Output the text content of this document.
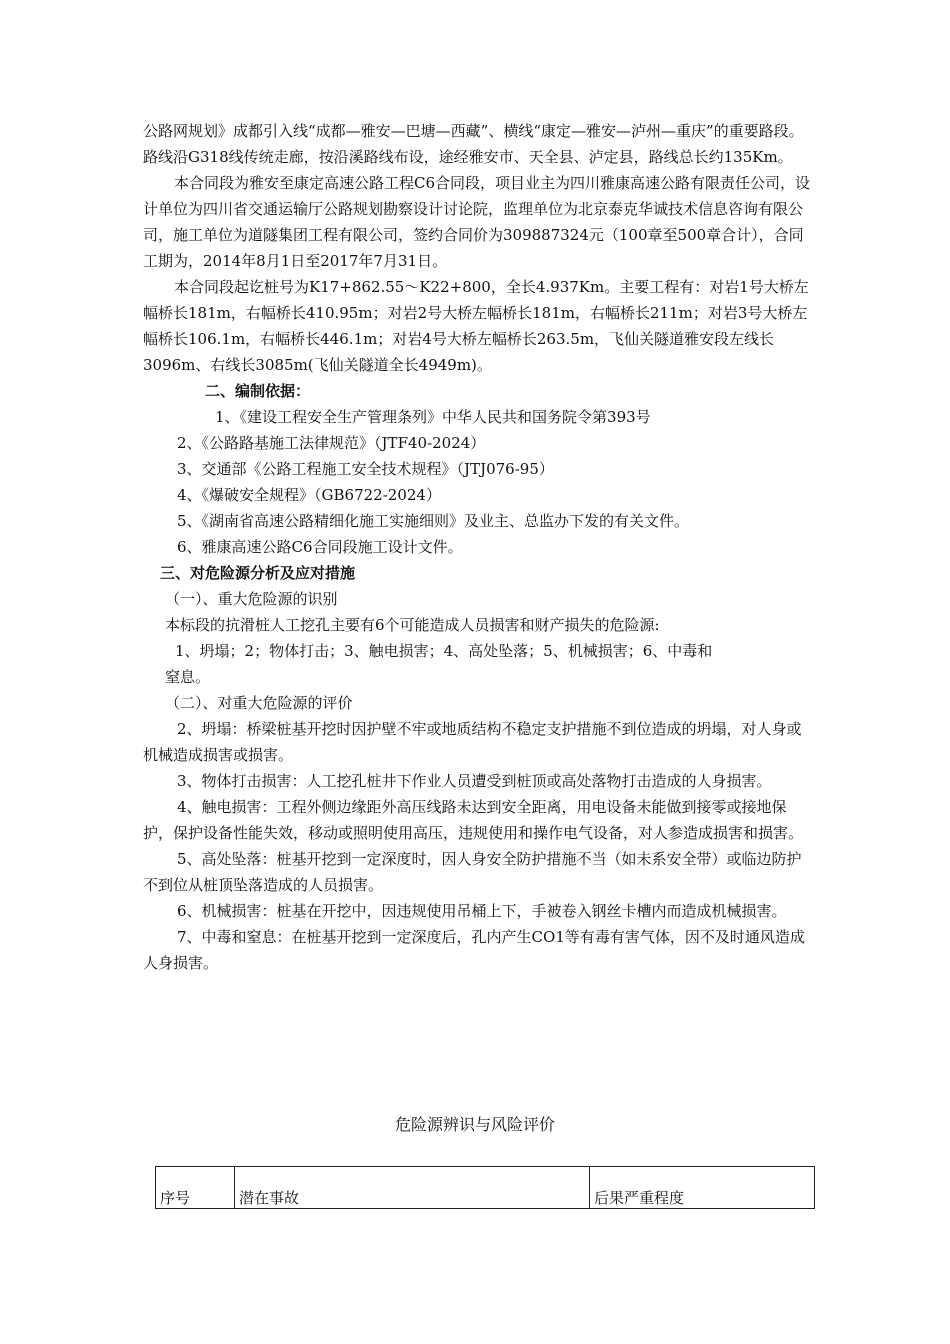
公路网规划》成都引入线“成都—雅安—巴塘—西藏”、横线“康定—雅安—泸州—重庆”的重要路段。路线沿G318线传统走廊，按沿溪路线布设，途经雅安市、天全县、泸定县，路线总长约135Km。

本合同段为雅安至康定高速公路工程C6合同段，项目业主为四川雅康高速公路有限责任公司，设计单位为四川省交通运输厅公路规划勘察设计讨论院，监理单位为北京泰克华诚技术信息咨询有限公司，施工单位为道隧集团工程有限公司，签约合同价为309887324元（100章至500章合计），合同工期为，2014年8月1日至2017年7月31日。

本合同段起讫桩号为K17+862.55～K22+800，全长4.937Km。主要工程有：对岩1号大桥左幅桥长181m，右幅桥长410.95m；对岩2号大桥左幅桥长181m，右幅桥长211m；对岩3号大桥左幅桥长106.1m，右幅桥长446.1m；对岩4号大桥左幅桥长263.5m，飞仙关隧道雅安段左线长3096m、右线长3085m(飞仙关隧道全长4949m)。

二、编制依据：

1、《建设工程安全生产管理条列》中华人民共和国务院令第393号

2、《公路路基施工法律规范》（JTF40-2024）

3、交通部《公路工程施工安全技术规程》（JTJ076-95）

4、《爆破安全规程》（GB6722-2024）

5、《湖南省高速公路精细化施工实施细则》及业主、总监办下发的有关文件。

6、雅康高速公路C6合同段施工设计文件。

三、对危险源分析及应对措施

（一）、重大危险源的识别

本标段的抗滑桩人工挖孔主要有6个可能造成人员损害和财产损失的危险源:

1、坍塌；2；物体打击；3、触电损害；4、高处坠落；5、机械损害；6、中毒和

窒息。

（二）、对重大危险源的评价

2、坍塌：桥梁桩基开挖时因护壁不牢或地质结构不稳定支护措施不到位造成的坍塌，对人身或机械造成损害或损害。

3、物体打击损害：人工挖孔桩井下作业人员遭受到桩顶或高处落物打击造成的人身损害。

4、触电损害：工程外侧边缘距外高压线路未达到安全距离，用电设备未能做到接零或接地保护，保护设备性能失效，移动或照明使用高压，违规使用和操作电气设备，对人参造成损害和损害。

5、高处坠落：桩基开挖到一定深度时，因人身安全防护措施不当（如未系安全带）或临边防护不到位从桩顶坠落造成的人员损害。

6、机械损害：桩基在开挖中，因违规使用吊桶上下，手被卷入钢丝卡槽内而造成机械损害。

7、中毒和窒息：在桩基开挖到一定深度后，孔内产生CO1等有毒有害气体，因不及时通风造成人身损害。

危险源辨识与风险评价
序号	潜在事故	后果严重程度
